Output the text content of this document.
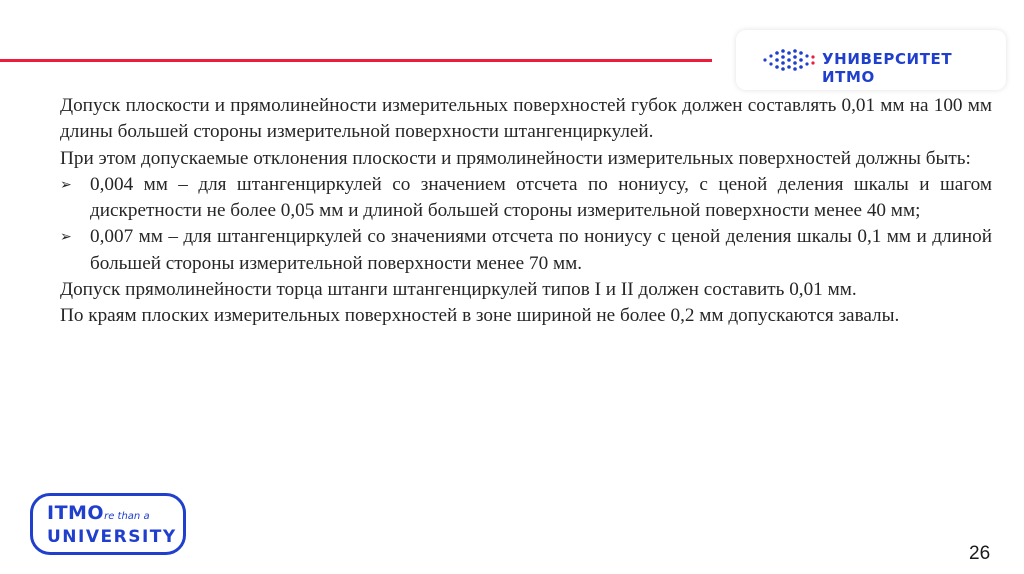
УНИВЕРСИТЕТ ИТМО

Допуск плоскости и прямолинейности измерительных поверхностей губок должен составлять 0,01 мм на 100 мм длины большей стороны измерительной поверхности штангенциркулей.

При этом допускаемые отклонения плоскости и прямолинейности измерительных поверхностей должны быть:

➢ 0,004 мм – для штангенциркулей со значением отсчета по нониусу, с ценой деления шкалы и шагом дискретности не более 0,05 мм и длиной большей стороны измерительной поверхности менее 40 мм;
➢ 0,007 мм – для штангенциркулей со значениями отсчета по нониусу с ценой деления шкалы 0,1 мм и длиной большей стороны измерительной поверхности менее 70 мм.

Допуск прямолинейности торца штанги штангенциркулей типов I и II должен составить 0,01 мм.

По краям плоских измерительных поверхностей в зоне шириной не более 0,2 мм допускаются завалы.

ITMOre than a
UNIVERSITY
26
